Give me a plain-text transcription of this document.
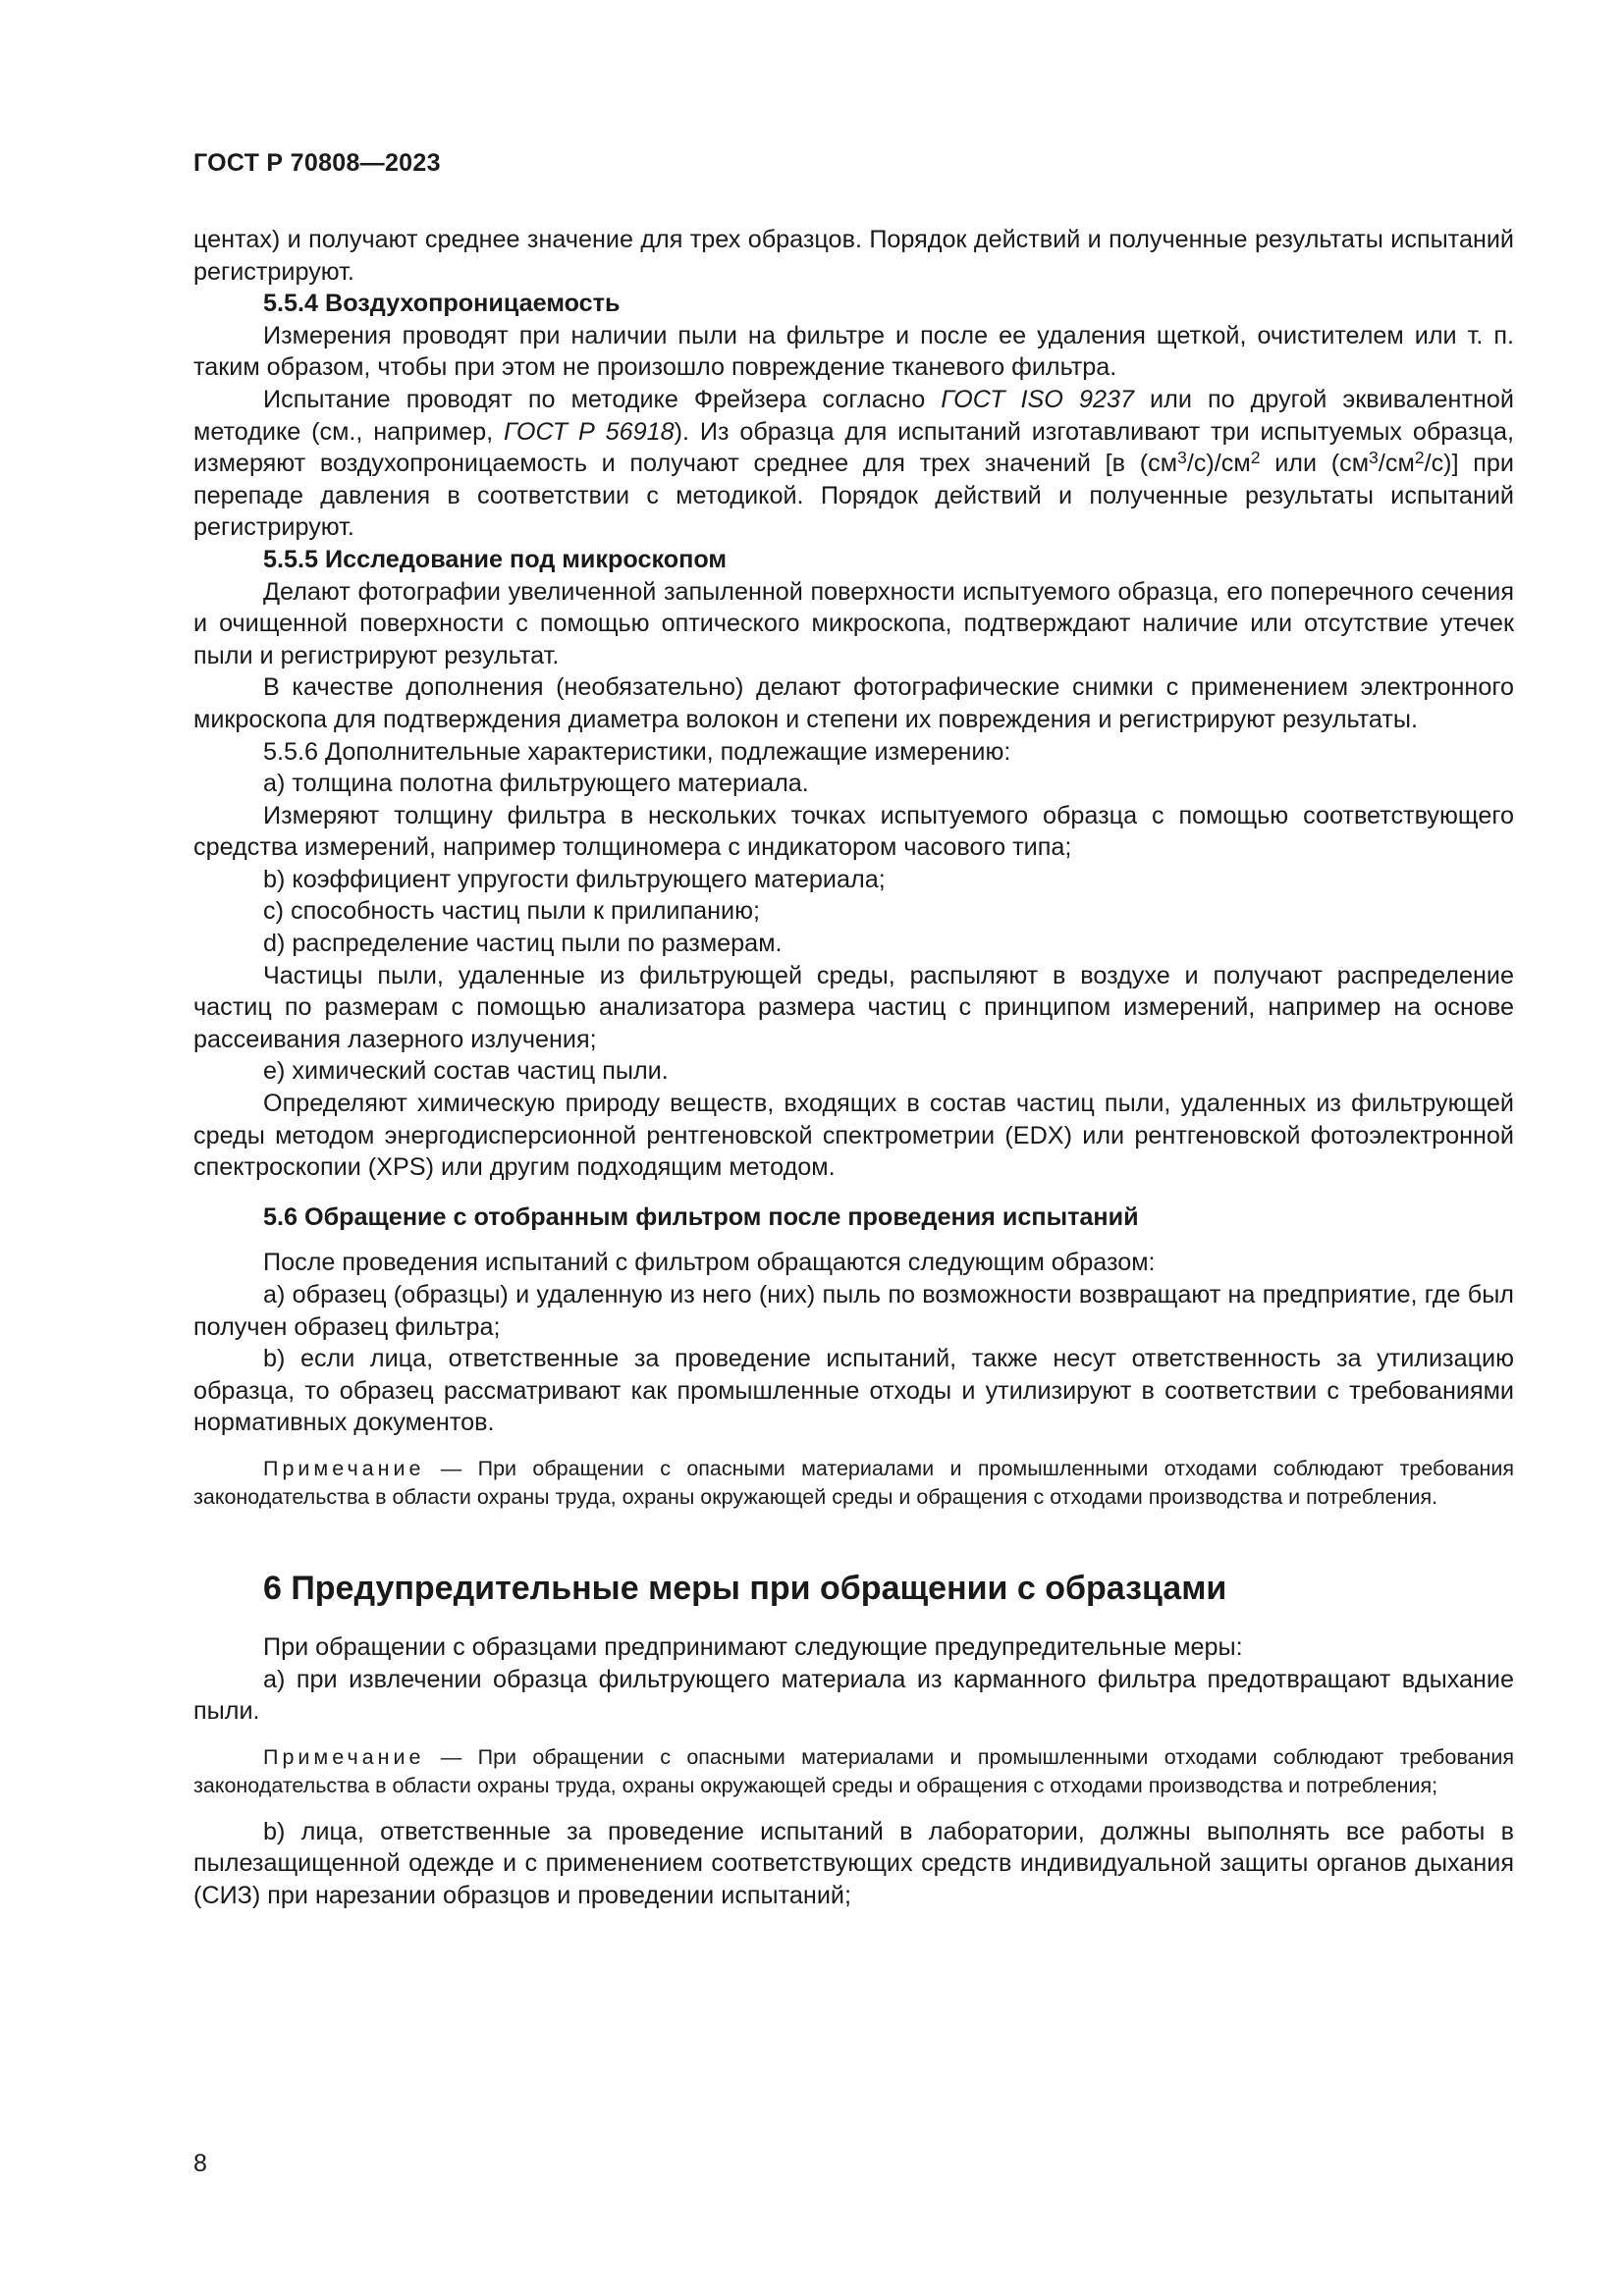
ГОСТ Р 70808—2023

центах) и получают среднее значение для трех образцов. Порядок действий и полученные результаты испытаний регистрируют.

5.5.4 Воздухопроницаемость

Измерения проводят при наличии пыли на фильтре и после ее удаления щеткой, очистителем или т. п. таким образом, чтобы при этом не произошло повреждение тканевого фильтра.

Испытание проводят по методике Фрейзера согласно ГОСТ ISO 9237 или по другой эквивалентной методике (см., например, ГОСТ Р 56918). Из образца для испытаний изготавливают три испытуемых образца, измеряют воздухопроницаемость и получают среднее для трех значений [в $(см^3/с)/см^2$ или $(см^3/см^2/с)$] при перепаде давления в соответствии с методикой. Порядок действий и полученные результаты испытаний регистрируют.

5.5.5 Исследование под микроскопом

Делают фотографии увеличенной запыленной поверхности испытуемого образца, его поперечного сечения и очищенной поверхности с помощью оптического микроскопа, подтверждают наличие или отсутствие утечек пыли и регистрируют результат.

В качестве дополнения (необязательно) делают фотографические снимки с применением электронного микроскопа для подтверждения диаметра волокон и степени их повреждения и регистрируют результаты.

5.5.6 Дополнительные характеристики, подлежащие измерению:

а) толщина полотна фильтрующего материала.

Измеряют толщину фильтра в нескольких точках испытуемого образца с помощью соответствующего средства измерений, например толщиномера с индикатором часового типа;

b) коэффициент упругости фильтрующего материала;

с) способность частиц пыли к прилипанию;

d) распределение частиц пыли по размерам.

Частицы пыли, удаленные из фильтрующей среды, распыляют в воздухе и получают распределение частиц по размерам с помощью анализатора размера частиц с принципом измерений, например на основе рассеивания лазерного излучения;

е) химический состав частиц пыли.

Определяют химическую природу веществ, входящих в состав частиц пыли, удаленных из фильтрующей среды методом энергодисперсионной рентгеновской спектрометрии (EDX) или рентгеновской фотоэлектронной спектроскопии (XPS) или другим подходящим методом.

5.6 Обращение с отобранным фильтром после проведения испытаний

После проведения испытаний с фильтром обращаются следующим образом:

а) образец (образцы) и удаленную из него (них) пыль по возможности возвращают на предприятие, где был получен образец фильтра;

b) если лица, ответственные за проведение испытаний, также несут ответственность за утилизацию образца, то образец рассматривают как промышленные отходы и утилизируют в соответствии с требованиями нормативных документов.

Примечание — При обращении с опасными материалами и промышленными отходами соблюдают требования законодательства в области охраны труда, охраны окружающей среды и обращения с отходами производства и потребления.

6 Предупредительные меры при обращении с образцами

При обращении с образцами предпринимают следующие предупредительные меры:

а) при извлечении образца фильтрующего материала из карманного фильтра предотвращают вдыхание пыли.

Примечание — При обращении с опасными материалами и промышленными отходами соблюдают требования законодательства в области охраны труда, охраны окружающей среды и обращения с отходами производства и потребления;

b) лица, ответственные за проведение испытаний в лаборатории, должны выполнять все работы в пылезащищенной одежде и с применением соответствующих средств индивидуальной защиты органов дыхания (СИЗ) при нарезании образцов и проведении испытаний;

8
